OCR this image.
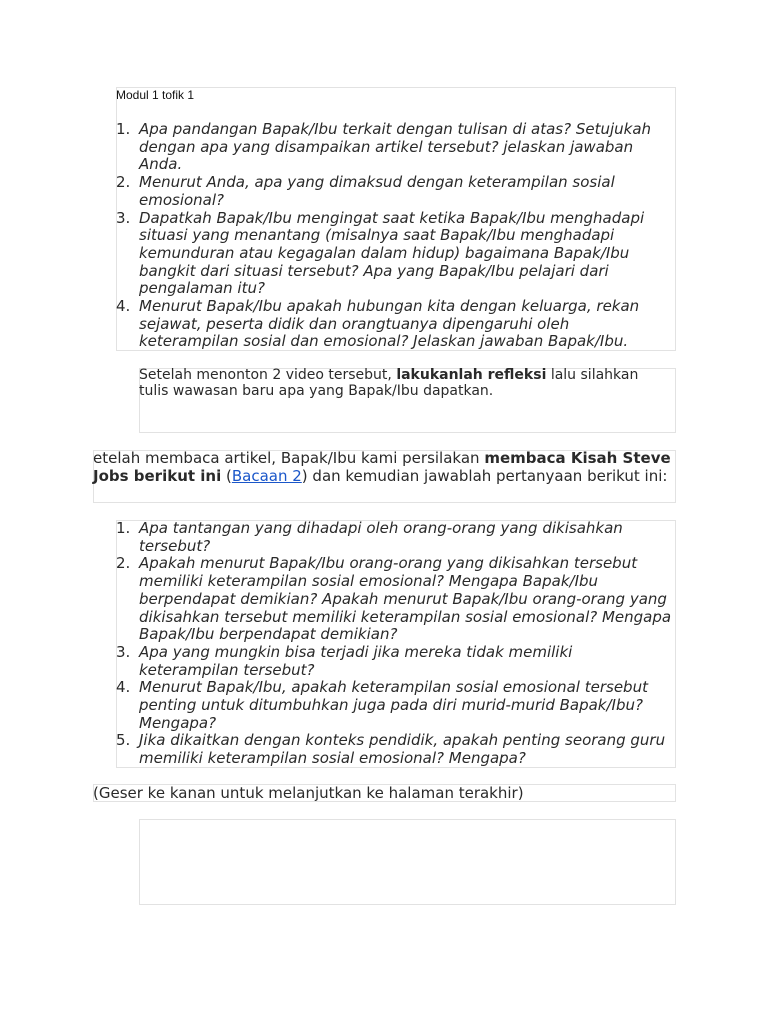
Modul 1 tofik 1
1. Apa pandangan Bapak/Ibu terkait dengan tulisan di atas? Setujukah dengan apa yang disampaikan artikel tersebut? jelaskan jawaban Anda.
2. Menurut Anda, apa yang dimaksud dengan keterampilan sosial emosional?
3. Dapatkah Bapak/Ibu mengingat saat ketika Bapak/Ibu menghadapi situasi yang menantang (misalnya saat Bapak/Ibu menghadapi kemunduran atau kegagalan dalam hidup) bagaimana Bapak/Ibu bangkit dari situasi tersebut? Apa yang Bapak/Ibu pelajari dari pengalaman itu?
4. Menurut Bapak/Ibu apakah hubungan kita dengan keluarga, rekan sejawat, peserta didik dan orangtuanya dipengaruhi oleh keterampilan sosial dan emosional? Jelaskan jawaban Bapak/Ibu.
Setelah menonton 2 video tersebut, lakukanlah refleksi lalu silahkan tulis wawasan baru apa yang Bapak/Ibu dapatkan.
etelah membaca artikel, Bapak/Ibu kami persilakan membaca Kisah Steve Jobs berikut ini (Bacaan 2) dan kemudian jawablah pertanyaan berikut ini:
1. Apa tantangan yang dihadapi oleh orang-orang yang dikisahkan tersebut?
2. Apakah menurut Bapak/Ibu orang-orang yang dikisahkan tersebut memiliki keterampilan sosial emosional? Mengapa Bapak/Ibu berpendapat demikian? Apakah menurut Bapak/Ibu orang-orang yang dikisahkan tersebut memiliki keterampilan sosial emosional? Mengapa Bapak/Ibu berpendapat demikian?
3. Apa yang mungkin bisa terjadi jika mereka tidak memiliki keterampilan tersebut?
4. Menurut Bapak/Ibu, apakah keterampilan sosial emosional tersebut penting untuk ditumbuhkan juga pada diri murid-murid Bapak/Ibu? Mengapa?
5. Jika dikaitkan dengan konteks pendidik, apakah penting seorang guru memiliki keterampilan sosial emosional? Mengapa?
(Geser ke kanan untuk melanjutkan ke halaman terakhir)
